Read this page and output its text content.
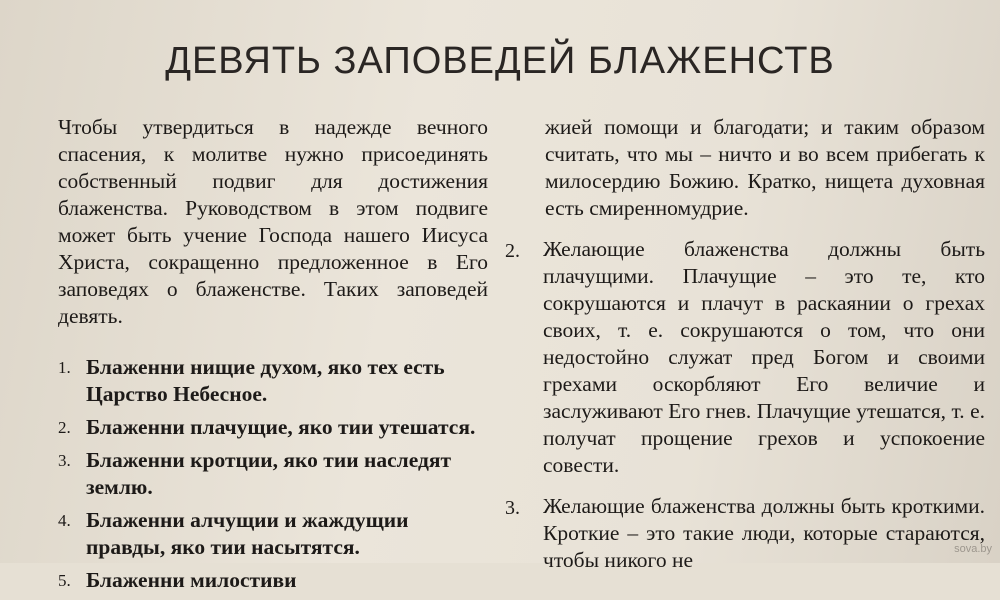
ДЕВЯТЬ ЗАПОВЕДЕЙ БЛАЖЕНСТВ

Чтобы утвердиться в надежде вечного спасения, к молитве нужно присоединять собственный подвиг для достижения блаженства. Руководством в этом подвиге может быть учение Господа нашего Иисуса Христа, сокращенно предложенное в Его заповедях о блаженстве. Таких заповедей девять.

1. Блаженни нищие духом, яко тех есть Царство Небесное.
2. Блаженни плачущие, яко тии утешатся.
3. Блаженни кротции, яко тии наследят землю.
4. Блаженни алчущии и жаждущии правды, яко тии насытятся.
5. Блаженни милостиви

жией помощи и благодати; и таким образом считать, что мы – ничто и во всем прибегать к милосердию Божию. Кратко, нищета духовная есть смиренномудрие.

2.	Желающие блаженства должны быть плачущими. Плачущие – это те, кто сокрушаются и плачут в раскаянии о грехах своих, т. е. сокрушаются о том, что они недостойно служат пред Богом и своими грехами оскорбляют Его величие и заслуживают Его гнев. Плачущие утешатся, т. е. получат прощение грехов и успокоение совести.
3.	Желающие блаженства должны быть кроткими. Кроткие – это такие люди, которые стараются, чтобы никого не	sova.by
